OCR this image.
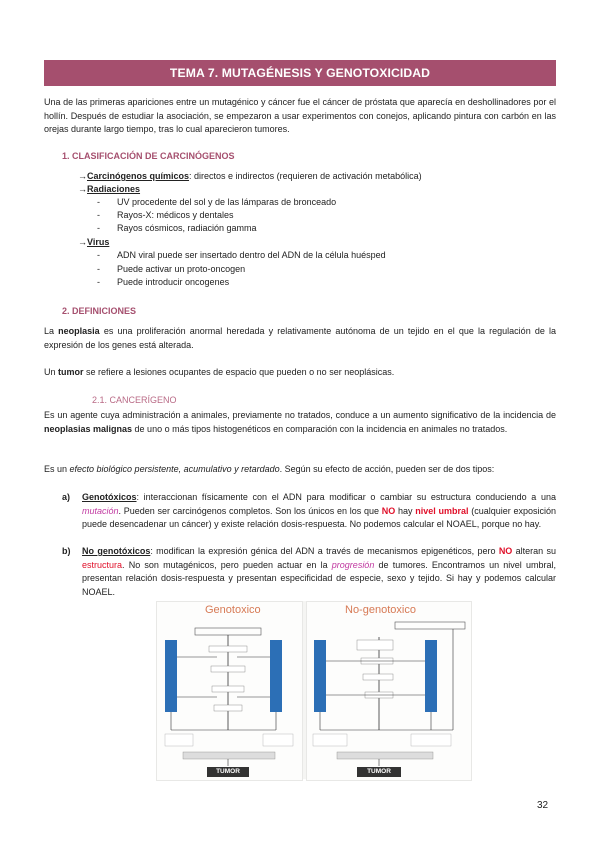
TEMA 7. MUTAGÉNESIS Y GENOTOXICIDAD
Una de las primeras apariciones entre un mutagénico y cáncer fue el cáncer de próstata que aparecía en deshollinadores por el hollín. Después de estudiar la asociación, se empezaron a usar experimentos con conejos, aplicando pintura con carbón en las orejas durante largo tiempo, tras lo cual aparecieron tumores.
1. CLASIFICACIÓN DE CARCINÓGENOS
→Carcinógenos químicos: directos e indirectos (requieren de activación metabólica)
→Radiaciones
- UV procedente del sol y de las lámparas de bronceado
- Rayos-X: médicos y dentales
- Rayos cósmicos, radiación gamma
→Virus
- ADN viral puede ser insertado dentro del ADN de la célula huésped
- Puede activar un proto-oncogen
- Puede introducir oncogenes
2. DEFINICIONES
La neoplasia es una proliferación anormal heredada y relativamente autónoma de un tejido en el que la regulación de la expresión de los genes está alterada.
Un tumor se refiere a lesiones ocupantes de espacio que pueden o no ser neoplásicas.
2.1. CANCERÍGENO
Es un agente cuya administración a animales, previamente no tratados, conduce a un aumento significativo de la incidencia de neoplasias malignas de uno o más tipos histogenéticos en comparación con la incidencia en animales no tratados.
Es un efecto biológico persistente, acumulativo y retardado. Según su efecto de acción, pueden ser de dos tipos:
a) Genotóxicos: interaccionan físicamente con el ADN para modificar o cambiar su estructura conduciendo a una mutación. Pueden ser carcinógenos completos. Son los únicos en los que NO hay nivel umbral (cualquier exposición puede desencadenar un cáncer) y existe relación dosis-respuesta. No podemos calcular el NOAEL, porque no hay.
b) No genotóxicos: modifican la expresión génica del ADN a través de mecanismos epigenéticos, pero NO alteran su estructura. No son mutagénicos, pero pueden actuar en la progresión de tumores. Encontramos un nivel umbral, presentan relación dosis-respuesta y presentan especificidad de especie, sexo y tejido. Si hay y podemos calcular NOAEL.
Genotoxico
TUMOR
No-genotoxico
TUMOR
32
